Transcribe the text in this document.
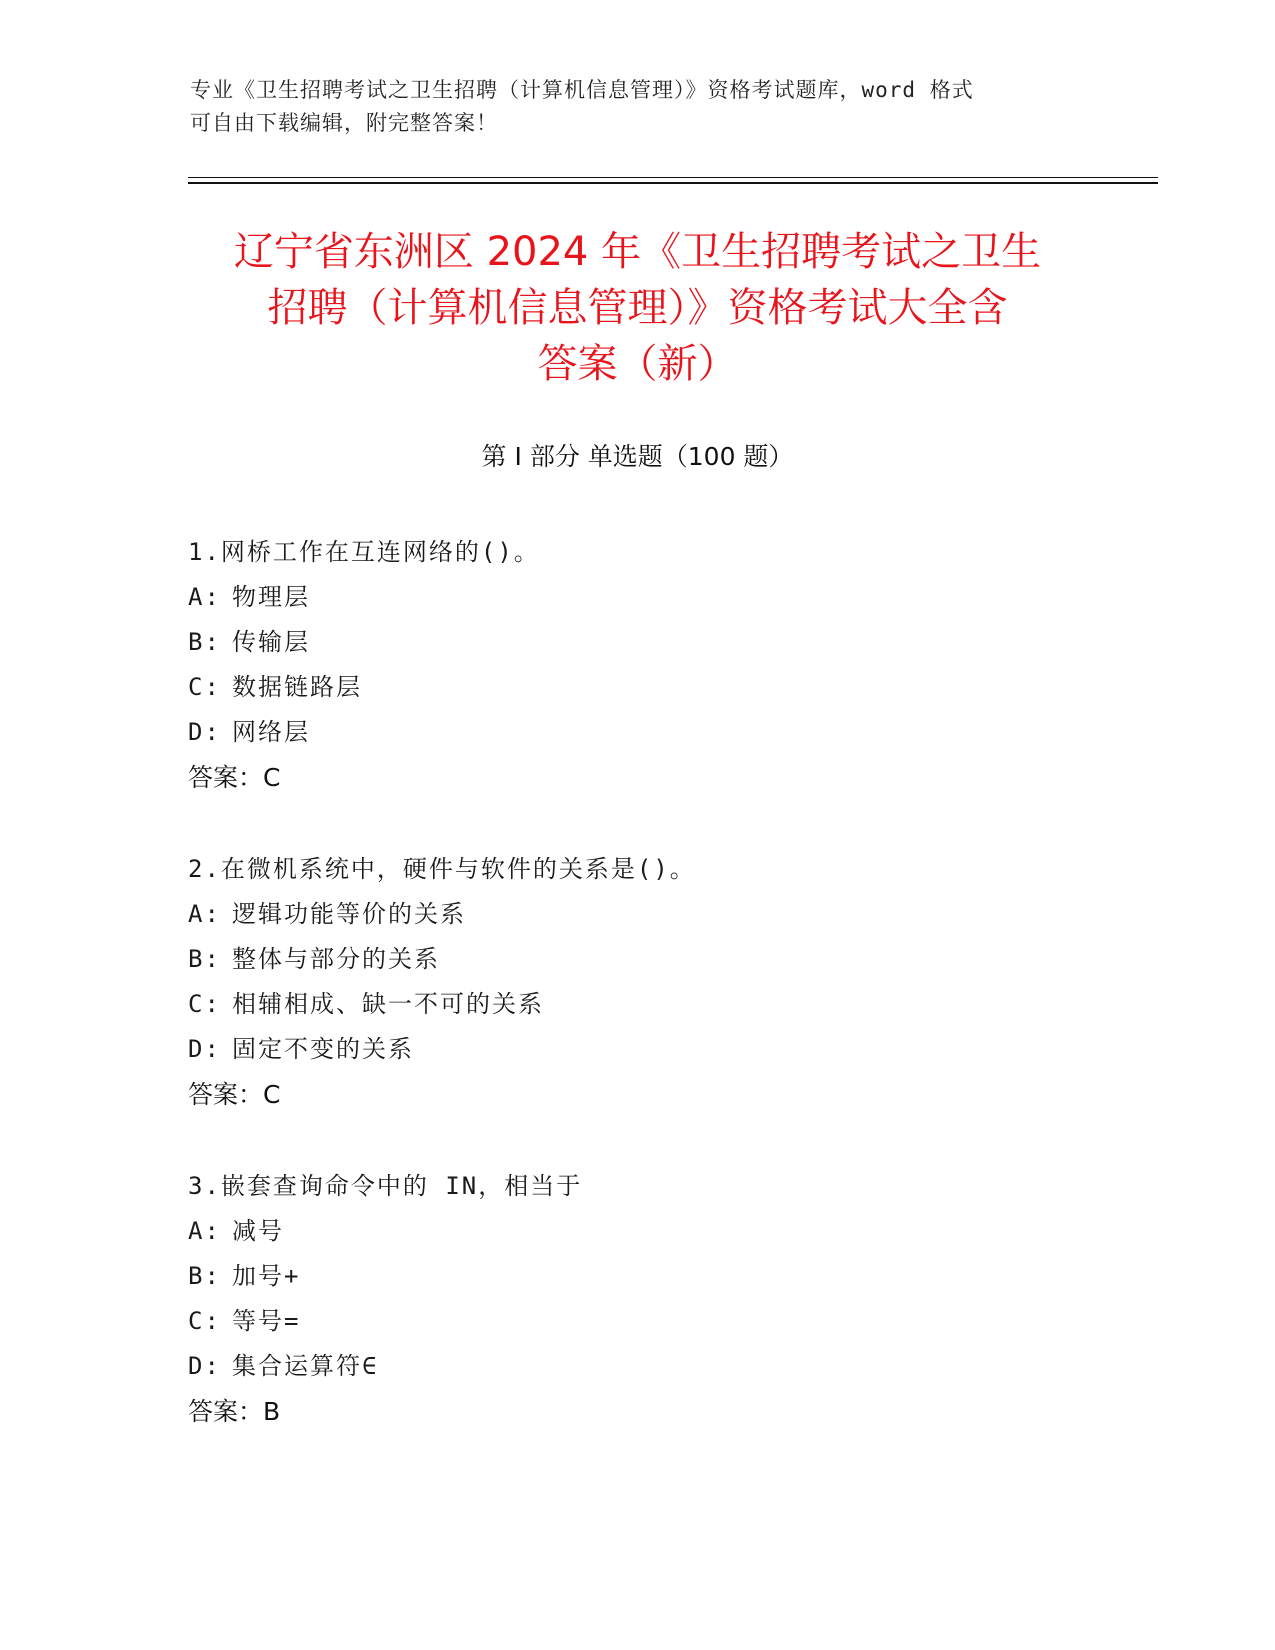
专业《卫生招聘考试之卫生招聘（计算机信息管理）》资格考试题库，word 格式
可自由下载编辑，附完整答案！
辽宁省东洲区 2024 年《卫生招聘考试之卫生
招聘（计算机信息管理）》资格考试大全含
答案（新）
第 I 部分 单选题（100 题）
1.网桥工作在互连网络的()。
A: 物理层
B: 传输层
C: 数据链路层
D: 网络层
答案：C
2.在微机系统中，硬件与软件的关系是()。
A: 逻辑功能等价的关系
B: 整体与部分的关系
C: 相辅相成、缺一不可的关系
D: 固定不变的关系
答案：C
3.嵌套查询命令中的 IN，相当于
A: 减号
B: 加号+
C: 等号=
D: 集合运算符∈
答案：B
